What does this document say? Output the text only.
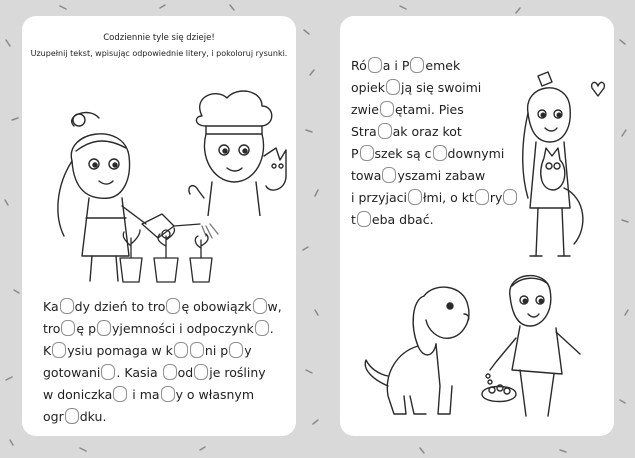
Codziennie tyle się dzieje!
Uzupełnij tekst, wpisując odpowiednie litery, i pokoloruj rysunki.

Ka dy dzień to tro ę obowiązk w,
tro ę p yjemności i odpoczynk .
K ysiu pomaga w k	ni p y
gotowani . Kasia od je rośliny
w doniczka i ma y o własnym
ogr dku.

Ró a i P emek
opiek ją się swoimi
zwie ętami. Pies
Stra ak oraz kot
P szek są c downymi
towa yszami zabaw
i przyjaci łmi, o kt ry
t eba dbać.
